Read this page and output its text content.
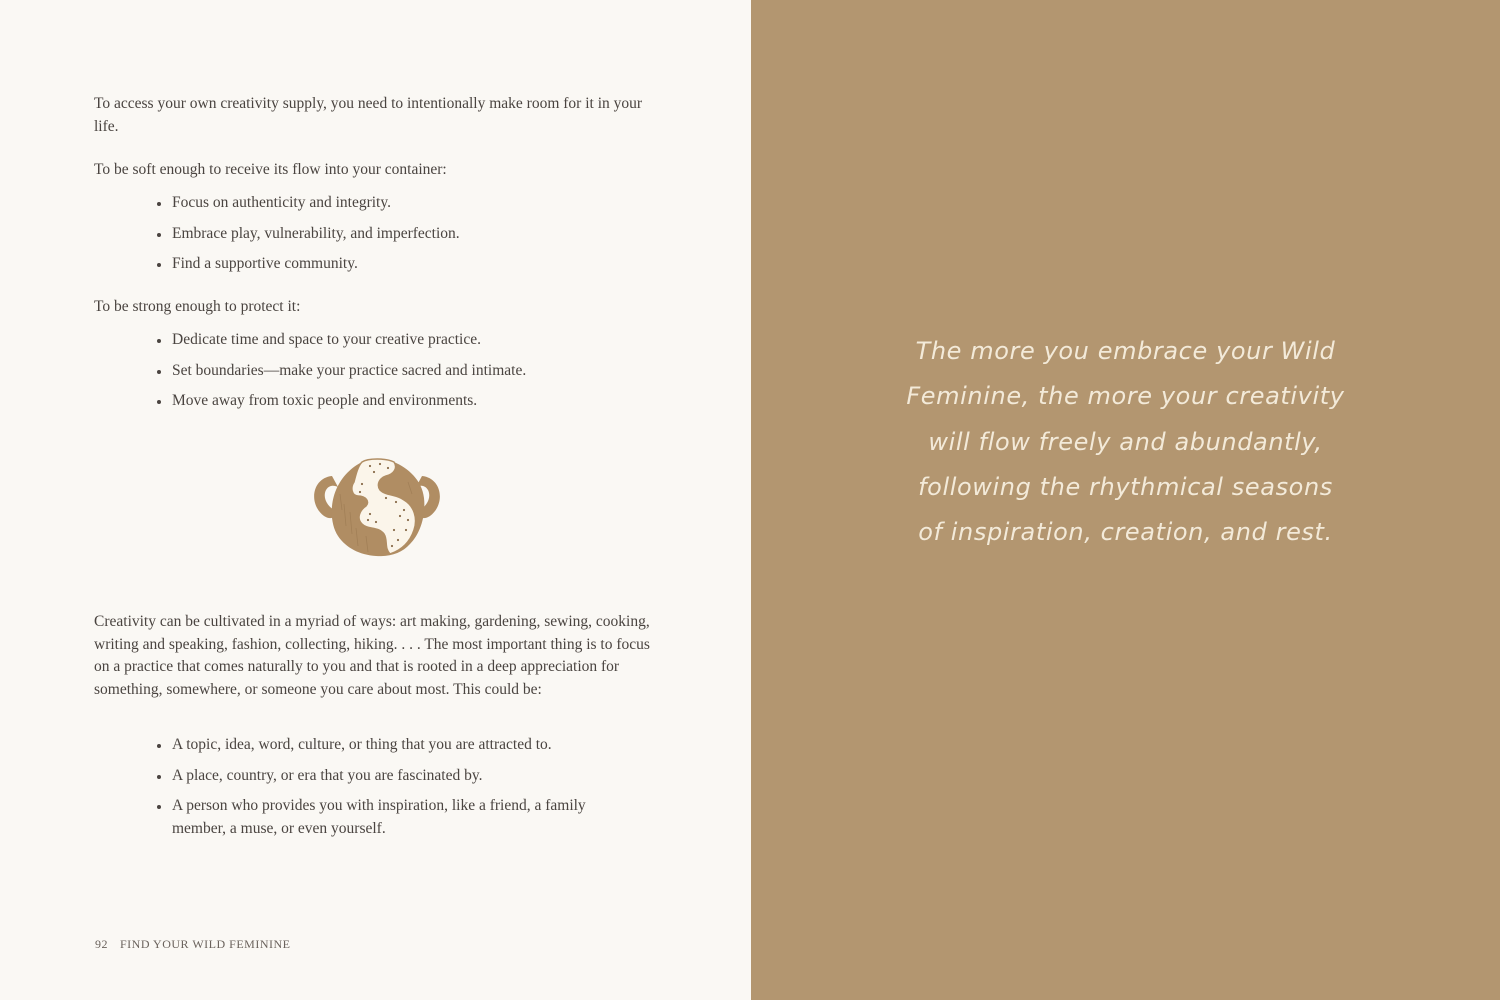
To access your own creativity supply, you need to intentionally make room for it in your life.

To be soft enough to receive its flow into your container:

Focus on authenticity and integrity.
Embrace play, vulnerability, and imperfection.
Find a supportive community.

To be strong enough to protect it:

Dedicate time and space to your creative practice.
Set boundaries—make your practice sacred and intimate.
Move away from toxic people and environments.

Creativity can be cultivated in a myriad of ways: art making, gardening, sewing, cooking, writing and speaking, fashion, collecting, hiking. . . . The most important thing is to focus on a practice that comes naturally to you and that is rooted in a deep appreciation for something, somewhere, or someone you care about most. This could be:

A topic, idea, word, culture, or thing that you are attracted to.
A place, country, or era that you are fascinated by.
A person who provides you with inspiration, like a friend, a family member, a muse, or even yourself.
92 FIND YOUR WILD FEMININE

The more you embrace your Wild
Feminine, the more your creativity
will flow freely and abundantly,
following the rhythmical seasons
of inspiration, creation, and rest.
